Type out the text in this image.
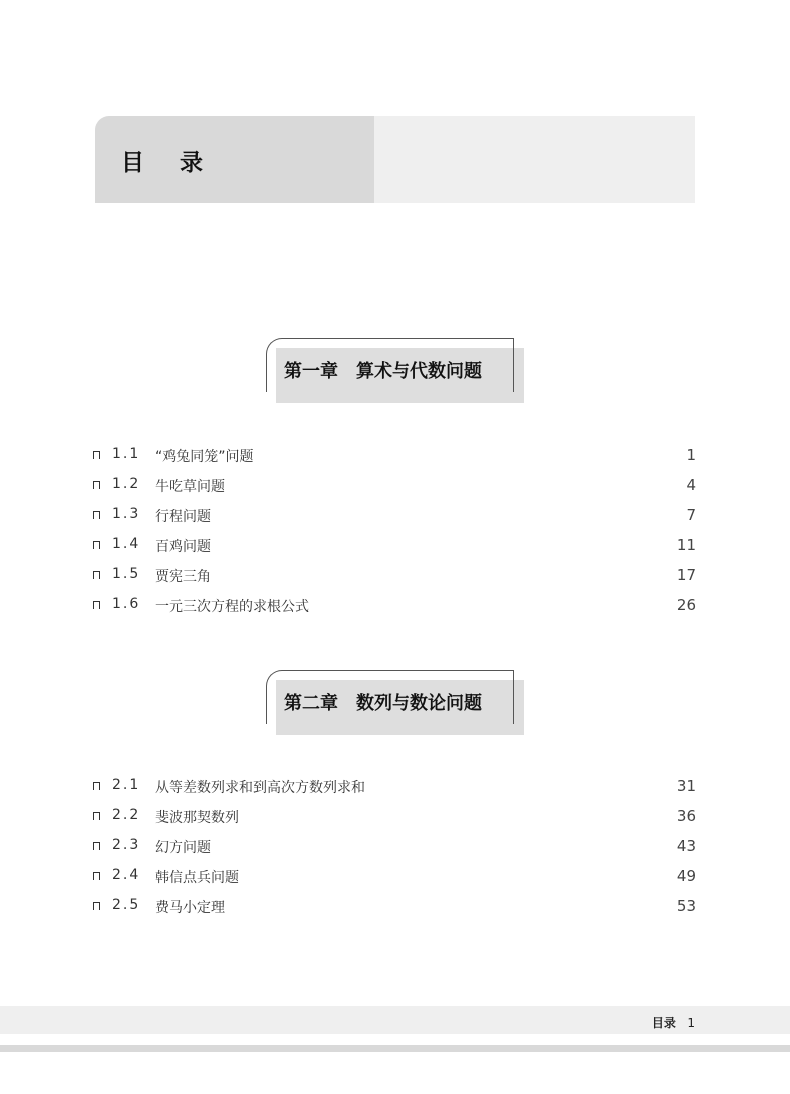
目 录
第一章　算术与代数问题
1.1 “鸡兔同笼”问题	1
1.2 牛吃草问题	4
1.3 行程问题	7
1.4 百鸡问题	11
1.5 贾宪三角	17
1.6 一元三次方程的求根公式	26
第二章　数列与数论问题
2.1 从等差数列求和到高次方数列求和	31
2.2 斐波那契数列	36
2.3 幻方问题	43
2.4 韩信点兵问题	49
2.5 费马小定理	53
目录 1
